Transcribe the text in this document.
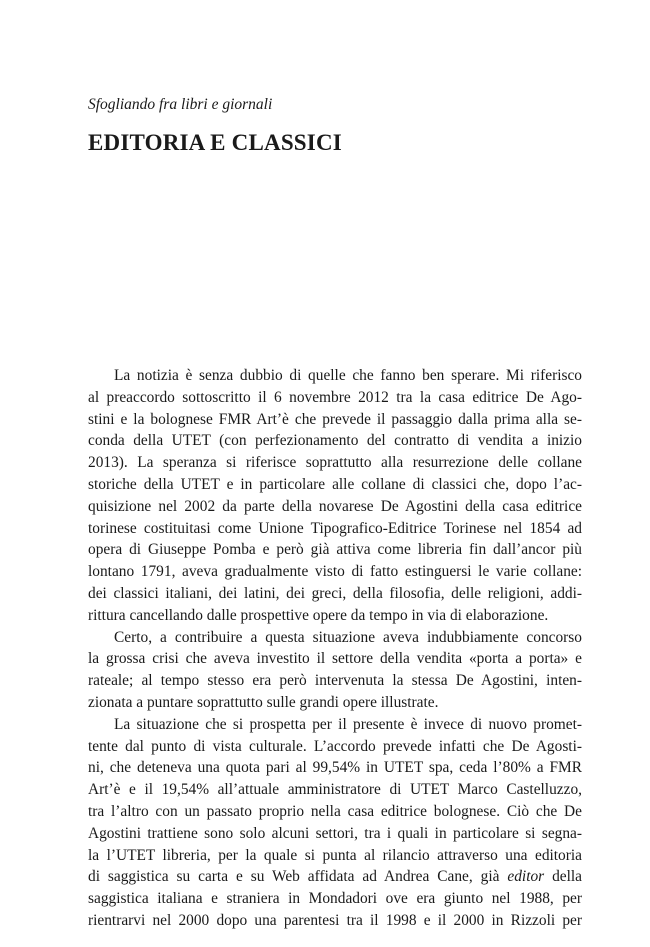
Sfogliando fra libri e giornali
EDITORIA E CLASSICI
La notizia è senza dubbio di quelle che fanno ben sperare. Mi riferisco
al preaccordo sottoscritto il 6 novembre 2012 tra la casa editrice De Ago-
stini e la bolognese FMR Art’è che prevede il passaggio dalla prima alla se-
conda della UTET (con perfezionamento del contratto di vendita a inizio
2013). La speranza si riferisce soprattutto alla resurrezione delle collane
storiche della UTET e in particolare alle collane di classici che, dopo l’ac-
quisizione nel 2002 da parte della novarese De Agostini della casa editrice
torinese costituitasi come Unione Tipografico-Editrice Torinese nel 1854 ad
opera di Giuseppe Pomba e però già attiva come libreria fin dall’ancor più
lontano 1791, aveva gradualmente visto di fatto estinguersi le varie collane:
dei classici italiani, dei latini, dei greci, della filosofia, delle religioni, addi-
rittura cancellando dalle prospettive opere da tempo in via di elaborazione.
Certo, a contribuire a questa situazione aveva indubbiamente concorso
la grossa crisi che aveva investito il settore della vendita «porta a porta» e
rateale; al tempo stesso era però intervenuta la stessa De Agostini, inten-
zionata a puntare soprattutto sulle grandi opere illustrate.
La situazione che si prospetta per il presente è invece di nuovo promet-
tente dal punto di vista culturale. L’accordo prevede infatti che De Agosti-
ni, che deteneva una quota pari al 99,54% in UTET spa, ceda l’80% a FMR
Art’è e il 19,54% all’attuale amministratore di UTET Marco Castelluzzo,
tra l’altro con un passato proprio nella casa editrice bolognese. Ciò che De
Agostini trattiene sono solo alcuni settori, tra i quali in particolare si segna-
la l’UTET libreria, per la quale si punta al rilancio attraverso una editoria
di saggistica su carta e su Web affidata ad Andrea Cane, già editor della
saggistica italiana e straniera in Mondadori ove era giunto nel 1988, per
rientrarvi nel 2000 dopo una parentesi tra il 1998 e il 2000 in Rizzoli per
